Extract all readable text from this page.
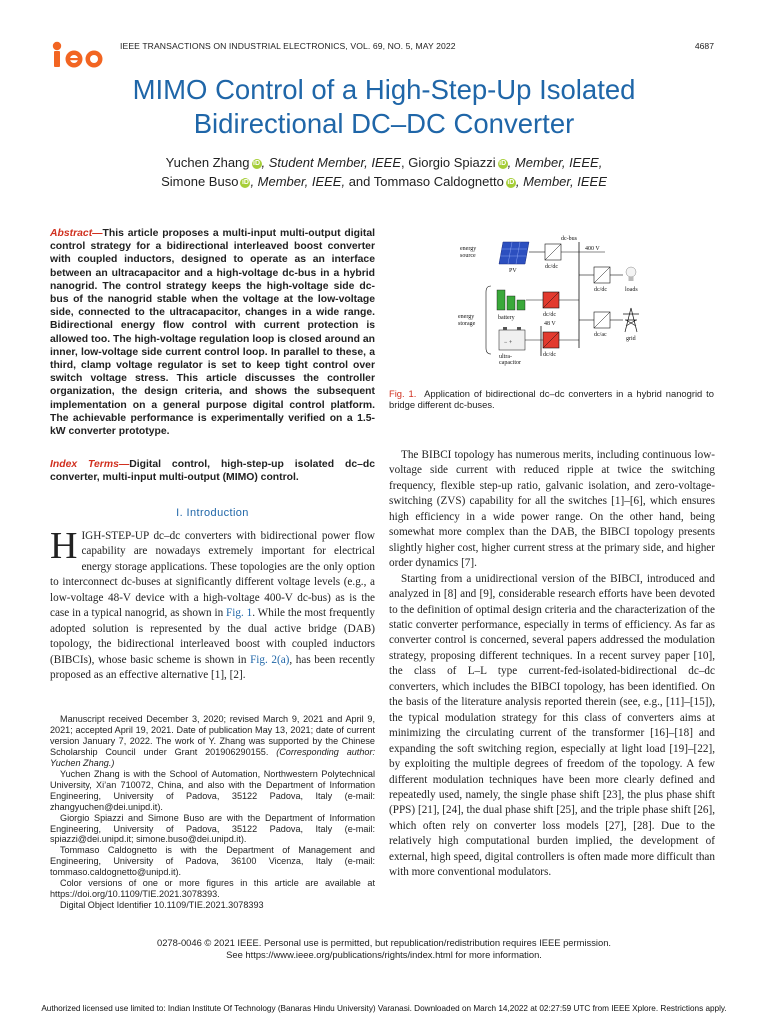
IEEE TRANSACTIONS ON INDUSTRIAL ELECTRONICS, VOL. 69, NO. 5, MAY 2022	4687
MIMO Control of a High-Step-Up Isolated
Bidirectional DC–DC Converter
Yuchen Zhang iD , Student Member, IEEE, Giorgio Spiazzi iD , Member, IEEE,
Simone Buso iD , Member, IEEE, and Tommaso Caldognetto iD , Member, IEEE
Abstract—This article proposes a multi-input multi-output digital control strategy for a bidirectional interleaved boost converter with coupled inductors, designed to operate as an interface between an ultracapacitor and a high-voltage dc-bus in a hybrid nanogrid. The control strategy keeps the high-voltage side dc-bus of the nanogrid stable when the voltage at the low-voltage side, connected to the ultracapacitor, changes in a wide range. Bidirectional energy flow control with current protection is allowed too. The high-voltage regulation loop is closed around an inner, low-voltage side current control loop. In parallel to these, a third, clamp voltage regulator is set to keep tight control over switch voltage stress. This article discusses the controller organization, the design criteria, and shows the subsequent implementation on a general purpose digital control platform. The achievable performance is experimentally verified on a 1.5-kW converter prototype.
Index Terms—Digital control, high-step-up isolated dc–dc converter, multi-input multi-output (MIMO) control.
I. Introduction
HIGH-STEP-UP dc–dc converters with bidirectional power flow capability are nowadays extremely important for electrical energy storage applications. These topologies are the only option to interconnect dc-buses at significantly different voltage levels (e.g., a low-voltage 48-V device with a high-voltage 400-V dc-bus) as is the case in a typical nanogrid, as shown in Fig. 1. While the most frequently adopted solution is represented by the dual active bridge (DAB) topology, the bidirectional interleaved boost with coupled inductors (BIBCIs), whose basic scheme is shown in Fig. 2(a), has been recently proposed as an effective alternative [1], [2].

Manuscript received December 3, 2020; revised March 9, 2021 and April 9, 2021; accepted April 19, 2021. Date of publication May 13, 2021; date of current version January 7, 2022. The work of Y. Zhang was supported by the Chinese Scholarship Council under Grant 201906290155. (Corresponding author: Yuchen Zhang.)

Yuchen Zhang is with the School of Automation, Northwestern Polytechnical University, Xi’an 710072, China, and also with the Department of Information Engineering, University of Padova, 35122 Padova, Italy (e-mail: zhangyuchen@dei.unipd.it).

Giorgio Spiazzi and Simone Buso are with the Department of Information Engineering, University of Padova, 35122 Padova, Italy (e-mail: spiazzi@dei.unipd.it; simone.buso@dei.unipd.it).

Tommaso Caldognetto is with the Department of Management and Engineering, University of Padova, 36100 Vicenza, Italy (e-mail: tommaso.caldognetto@unipd.it).

Color versions of one or more figures in this article are available at https://doi.org/10.1109/TIE.2021.3078393.

Digital Object Identifier 10.1109/TIE.2021.3078393

dc-bus
energy
source
PV
dc/dc
400 V
dc/dc	loads
energy
storage
battery	dc/dc
48 V
− +
ultra-
capacitor
dc/dc
dc/ac
grid
Fig. 1. Application of bidirectional dc–dc converters in a hybrid nanogrid to bridge different dc-buses.

The BIBCI topology has numerous merits, including continuous low-voltage side current with reduced ripple at twice the switching frequency, flexible step-up ratio, galvanic isolation, and zero-voltage-switching (ZVS) capability for all the switches [1]–[6], which ensures high efficiency in a wide power range. On the other hand, being somewhat more complex than the DAB, the BIBCI topology presents slightly higher cost, higher current stress at the primary side, and higher order dynamics [7].

Starting from a unidirectional version of the BIBCI, introduced and analyzed in [8] and [9], considerable research efforts have been devoted to the definition of optimal design criteria and the characterization of the static converter performance, especially in terms of efficiency. As far as converter control is concerned, several papers addressed the modulation strategy, proposing different techniques. In a recent survey paper [10], the class of L–L type current-fed-isolated-bidirectional dc–dc converters, which includes the BIBCI topology, has been identified. On the basis of the literature analysis reported therein (see, e.g., [11]–[15]), the typical modulation strategy for this class of converters aims at minimizing the circulating current of the transformer [16]–[18] and expanding the soft switching region, especially at light load [19]–[22], by exploiting the multiple degrees of freedom of the topology. A few different modulation techniques have been more clearly defined and repeatedly used, namely, the single phase shift [23], the plus phase shift (PPS) [21], [24], the dual phase shift [25], and the triple phase shift [26], which often rely on converter loss models [27], [28]. Due to the relatively high computational burden implied, the development of external, high speed, digital controllers is often made more difficult than with more conventional modulators.

0278-0046 © 2021 IEEE. Personal use is permitted, but republication/redistribution requires IEEE permission.
See https://www.ieee.org/publications/rights/index.html for more information.
Authorized licensed use limited to: Indian Institute Of Technology (Banaras Hindu University) Varanasi. Downloaded on March 14,2022 at 02:27:59 UTC from IEEE Xplore. Restrictions apply.
